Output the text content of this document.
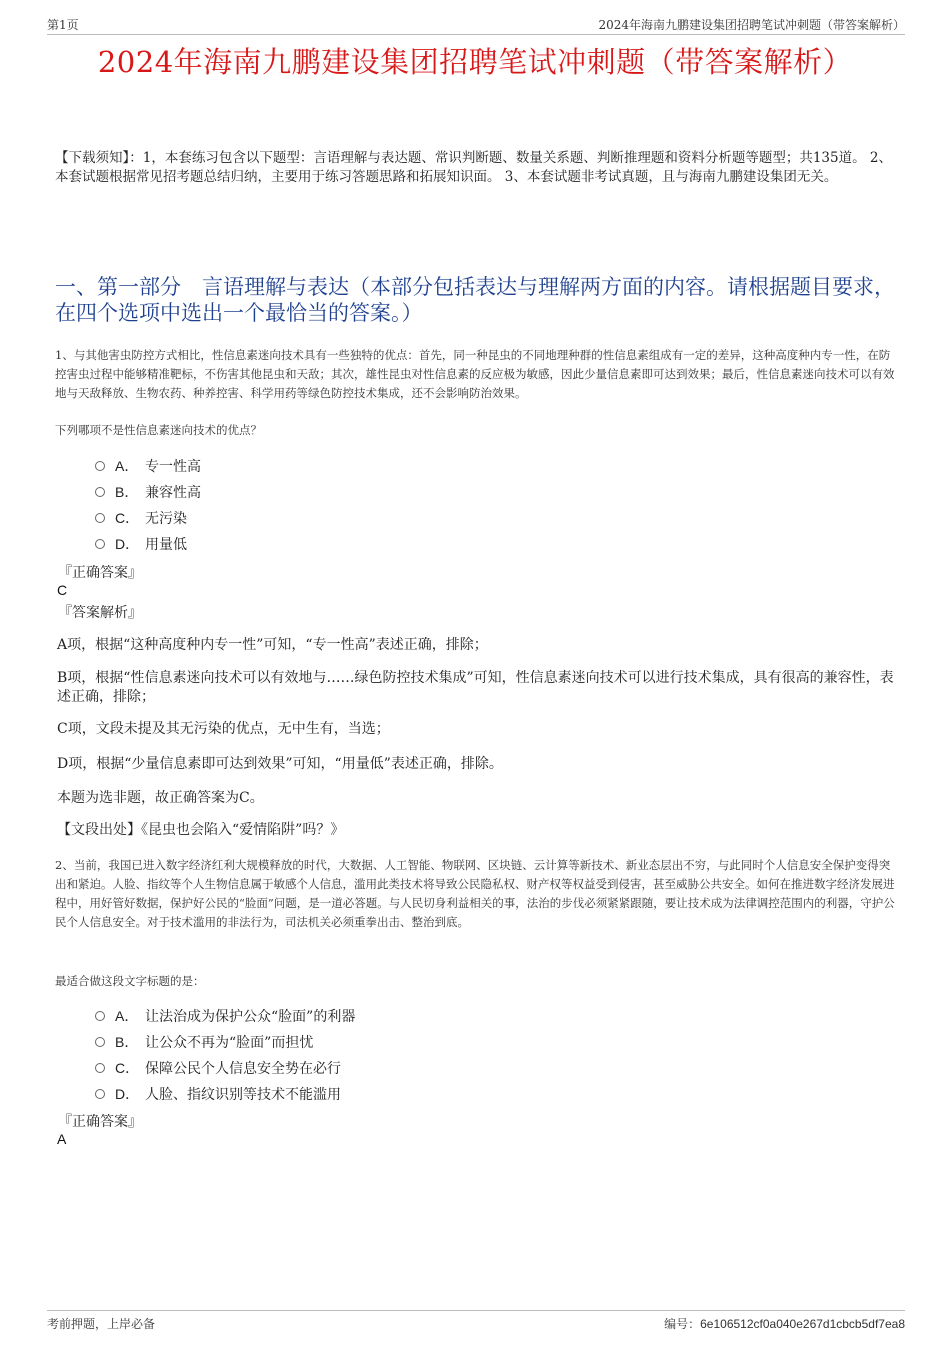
第1页	2024年海南九鹏建设集团招聘笔试冲刺题（带答案解析）
2024年海南九鹏建设集团招聘笔试冲刺题（带答案解析）
【下载须知】：1，本套练习包含以下题型：言语理解与表达题、常识判断题、数量关系题、判断推理题和资料分析题等题型；共135道。 2、本套试题根据常见招考题总结归纳，主要用于练习答题思路和拓展知识面。 3、本套试题非考试真题，且与海南九鹏建设集团无关。
一、第一部分　言语理解与表达（本部分包括表达与理解两方面的内容。请根据题目要求，在四个选项中选出一个最恰当的答案。）
1、与其他害虫防控方式相比，性信息素迷向技术具有一些独特的优点：首先，同一种昆虫的不同地理种群的性信息素组成有一定的差异，这种高度种内专一性，在防控害虫过程中能够精准靶标，不伤害其他昆虫和天敌；其次，雄性昆虫对性信息素的反应极为敏感，因此少量信息素即可达到效果；最后，性信息素迷向技术可以有效地与天敌释放、生物农药、种养控害、科学用药等绿色防控技术集成，还不会影响防治效果。
下列哪项不是性信息素迷向技术的优点？
A． 专一性高
B． 兼容性高
C． 无污染
D． 用量低
『正确答案』
C
『答案解析』
A项，根据“这种高度种内专一性”可知，“专一性高”表述正确，排除；
B项，根据“性信息素迷向技术可以有效地与……绿色防控技术集成”可知，性信息素迷向技术可以进行技术集成，具有很高的兼容性，表述正确，排除；
C项，文段未提及其无污染的优点，无中生有，当选；
D项，根据“少量信息素即可达到效果”可知，“用量低”表述正确，排除。
本题为选非题，故正确答案为C。
【文段出处】《昆虫也会陷入“爱情陷阱”吗？》
2、当前，我国已进入数字经济红利大规模释放的时代，大数据、人工智能、物联网、区块链、云计算等新技术、新业态层出不穷，与此同时个人信息安全保护变得突出和紧迫。人脸、指纹等个人生物信息属于敏感个人信息，滥用此类技术将导致公民隐私权、财产权等权益受到侵害，甚至威胁公共安全。如何在推进数字经济发展进程中，用好管好数据，保护好公民的“脸面”问题，是一道必答题。与人民切身利益相关的事，法治的步伐必须紧紧跟随，要让技术成为法律调控范围内的利器，守护公民个人信息安全。对于技术滥用的非法行为，司法机关必须重拳出击、整治到底。
最适合做这段文字标题的是：
A． 让法治成为保护公众“脸面”的利器
B． 让公众不再为“脸面”而担忧
C． 保障公民个人信息安全势在必行
D． 人脸、指纹识别等技术不能滥用
『正确答案』
A
考前押题，上岸必备	编号：6e106512cf0a040e267d1cbcb5df7ea8
